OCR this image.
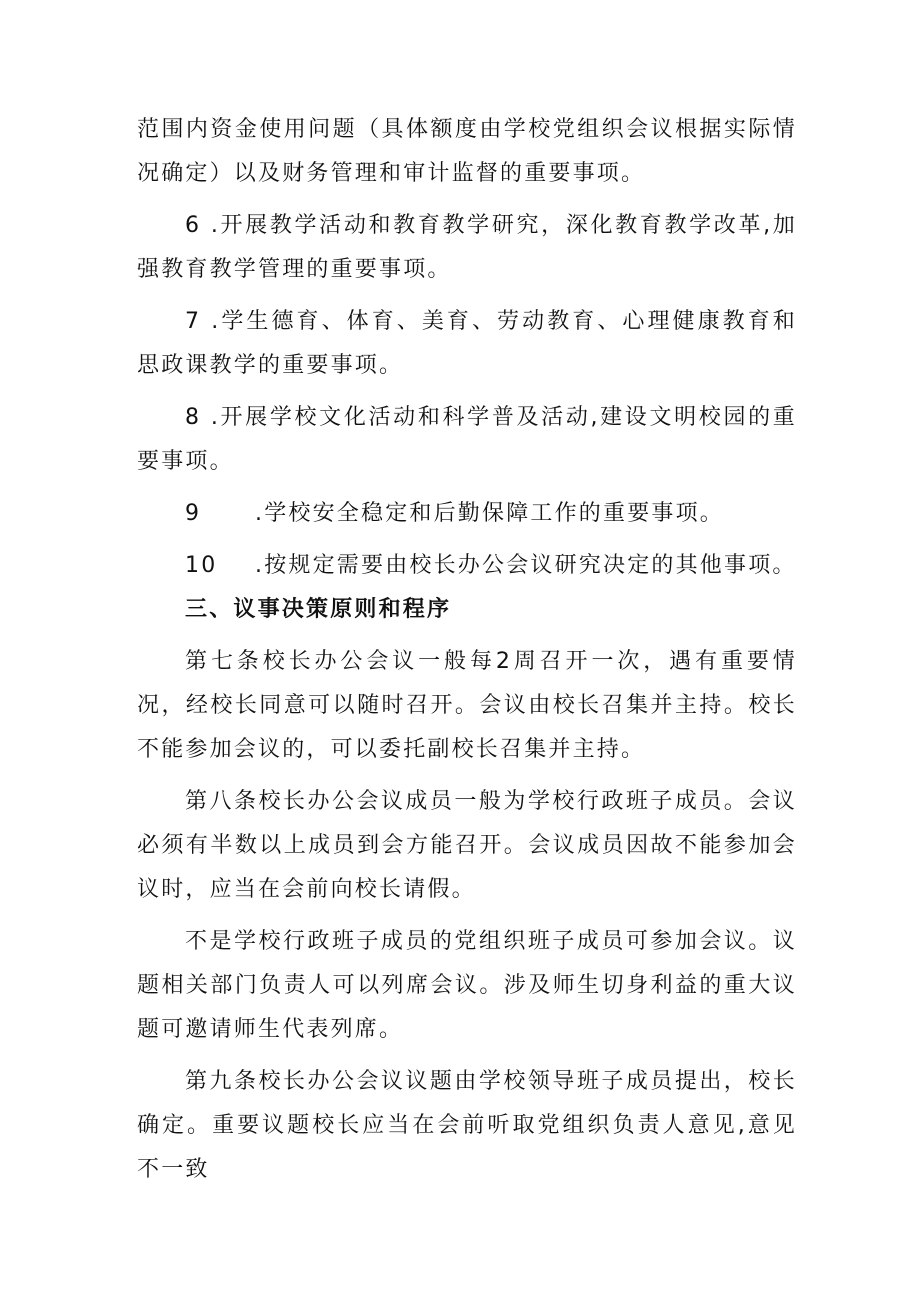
范围内资金使用问题（具体额度由学校党组织会议根据实际情况确定）以及财务管理和审计监督的重要事项。

6 .开展教学活动和教育教学研究，深化教育教学改革,加强教育教学管理的重要事项。

7 .学生德育、体育、美育、劳动教育、心理健康教育和思政课教学的重要事项。

8 .开展学校文化活动和科学普及活动,建设文明校园的重要事项。

9 .学校安全稳定和后勤保障工作的重要事项。

10 .按规定需要由校长办公会议研究决定的其他事项。

三、议事决策原则和程序

第七条校长办公会议一般每2周召开一次，遇有重要情况，经校长同意可以随时召开。会议由校长召集并主持。校长不能参加会议的，可以委托副校长召集并主持。

第八条校长办公会议成员一般为学校行政班子成员。会议必须有半数以上成员到会方能召开。会议成员因故不能参加会议时，应当在会前向校长请假。

不是学校行政班子成员的党组织班子成员可参加会议。议题相关部门负责人可以列席会议。涉及师生切身利益的重大议题可邀请师生代表列席。

第九条校长办公会议议题由学校领导班子成员提出，校长确定。重要议题校长应当在会前听取党组织负责人意见,意见不一致
